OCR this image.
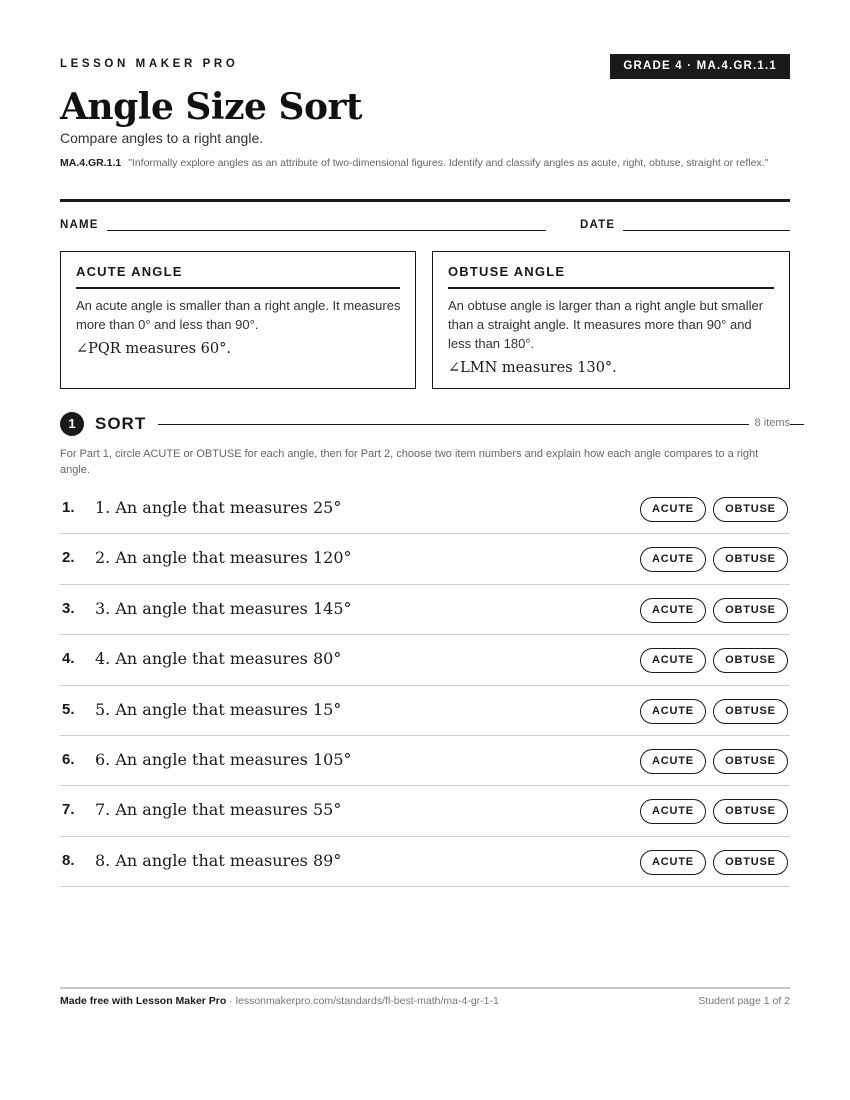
LESSON MAKER PRO	GRADE 4 · MA.4.GR.1.1
Angle Size Sort
Compare angles to a right angle.
MA.4.GR.1.1 "Informally explore angles as an attribute of two-dimensional figures. Identify and classify angles as acute, right, obtuse, straight or reflex."
NAME	DATE
ACUTE ANGLE
An acute angle is smaller than a right angle. It measures more than 0° and less than 90°.
∠PQR measures 60°.
OBTUSE ANGLE
An obtuse angle is larger than a right angle but smaller than a straight angle. It measures more than 90° and less than 180°.
∠LMN measures 130°.
1	SORT	8 items
For Part 1, circle ACUTE or OBTUSE for each angle, then for Part 2, choose two item numbers and explain how each angle compares to a right angle.
1. 1. An angle that measures 25°	ACUTE	OBTUSE
2. 2. An angle that measures 120°	ACUTE	OBTUSE
3. 3. An angle that measures 145°	ACUTE	OBTUSE
4. 4. An angle that measures 80°	ACUTE	OBTUSE
5. 5. An angle that measures 15°	ACUTE	OBTUSE
6. 6. An angle that measures 105°	ACUTE	OBTUSE
7. 7. An angle that measures 55°	ACUTE	OBTUSE
8. 8. An angle that measures 89°	ACUTE	OBTUSE
Made free with Lesson Maker Pro · lessonmakerpro.com/standards/fl-best-math/ma-4-gr-1-1	Student page 1 of 2
